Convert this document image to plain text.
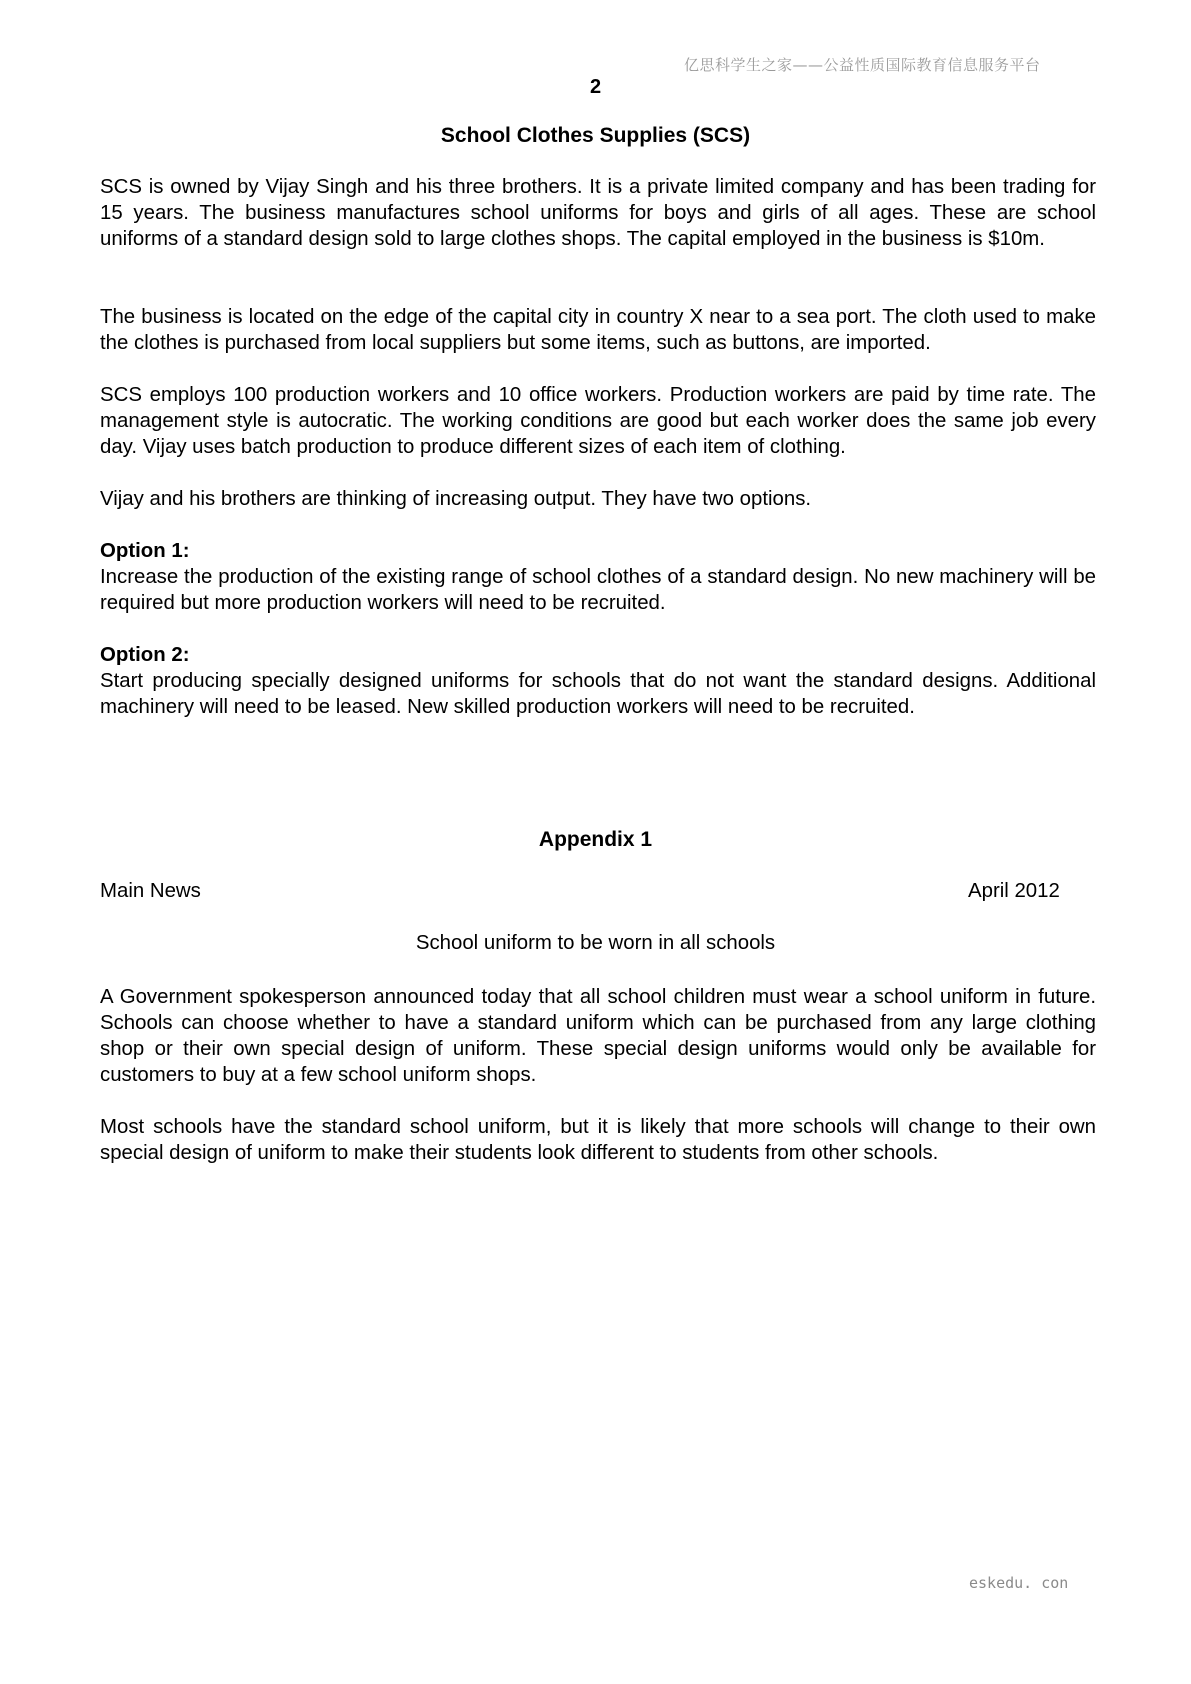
亿思科学生之家——公益性质国际教育信息服务平台
2
School Clothes Supplies (SCS)

SCS is owned by Vijay Singh and his three brothers. It is a private limited company and has been trading for 15 years. The business manufactures school uniforms for boys and girls of all ages. These are school uniforms of a standard design sold to large clothes shops. The capital employed in the business is $10m.

The business is located on the edge of the capital city in country X near to a sea port. The cloth used to make the clothes is purchased from local suppliers but some items, such as buttons, are imported.

SCS employs 100 production workers and 10 office workers. Production workers are paid by time rate. The management style is autocratic. The working conditions are good but each worker does the same job every day. Vijay uses batch production to produce different sizes of each item of clothing.

Vijay and his brothers are thinking of increasing output. They have two options.

Option 1:

Increase the production of the existing range of school clothes of a standard design. No new machinery will be required but more production workers will need to be recruited.

Option 2:

Start producing specially designed uniforms for schools that do not want the standard designs. Additional machinery will need to be leased. New skilled production workers will need to be recruited.

Appendix 1
Main News	April 2012
School uniform to be worn in all schools

A Government spokesperson announced today that all school children must wear a school uniform in future. Schools can choose whether to have a standard uniform which can be purchased from any large clothing shop or their own special design of uniform. These special design uniforms would only be available for customers to buy at a few school uniform shops.

Most schools have the standard school uniform, but it is likely that more schools will change to their own special design of uniform to make their students look different to students from other schools.

eskedu. con
